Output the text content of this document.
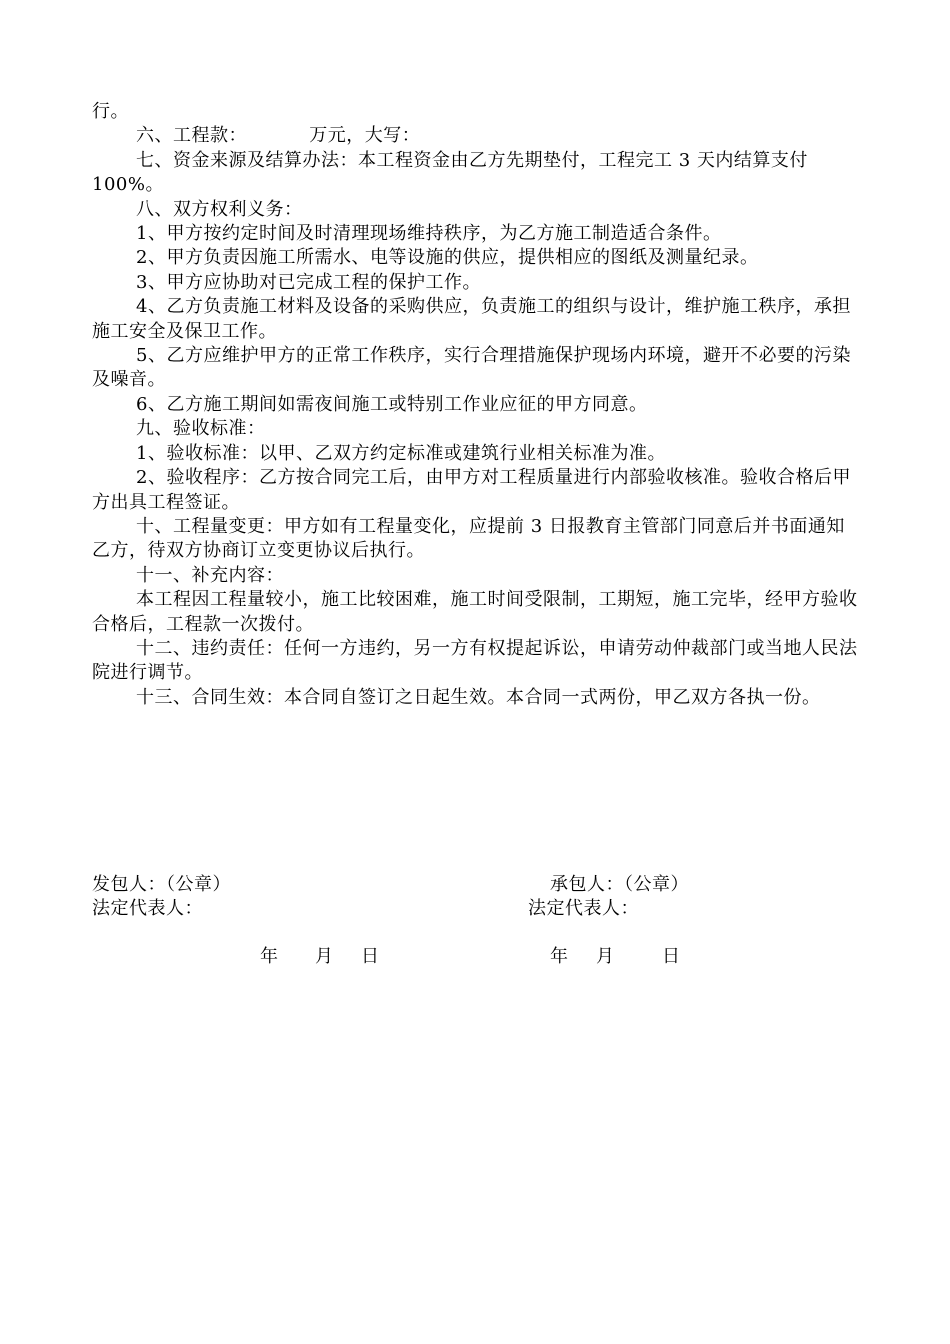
行。

六、工程款：          万元，大写：

七、资金来源及结算办法：本工程资金由乙方先期垫付，工程完工 3 天内结算支付 100%。

八、双方权利义务：

1、甲方按约定时间及时清理现场维持秩序，为乙方施工制造适合条件。

2、甲方负责因施工所需水、电等设施的供应，提供相应的图纸及测量纪录。

3、甲方应协助对已完成工程的保护工作。

4、乙方负责施工材料及设备的采购供应，负责施工的组织与设计，维护施工秩序，承担施工安全及保卫工作。

5、乙方应维护甲方的正常工作秩序，实行合理措施保护现场内环境，避开不必要的污染及噪音。

6、乙方施工期间如需夜间施工或特别工作业应征的甲方同意。

九、验收标准：

1、验收标准：以甲、乙双方约定标准或建筑行业相关标准为准。

2、验收程序：乙方按合同完工后，由甲方对工程质量进行内部验收核准。验收合格后甲方出具工程签证。

十、工程量变更：甲方如有工程量变化，应提前 3 日报教育主管部门同意后并书面通知乙方，待双方协商订立变更协议后执行。

十一、补充内容：

本工程因工程量较小，施工比较困难，施工时间受限制，工期短，施工完毕，经甲方验收合格后，工程款一次拨付。

十二、违约责任：任何一方违约，另一方有权提起诉讼，申请劳动仲裁部门或当地人民法院进行调节。

十三、合同生效：本合同自签订之日起生效。本合同一式两份，甲乙双方各执一份。

发包人：（公章）
法定代表人：
承包人：（公章）
法定代表人：
年 月 日	年 月	日
